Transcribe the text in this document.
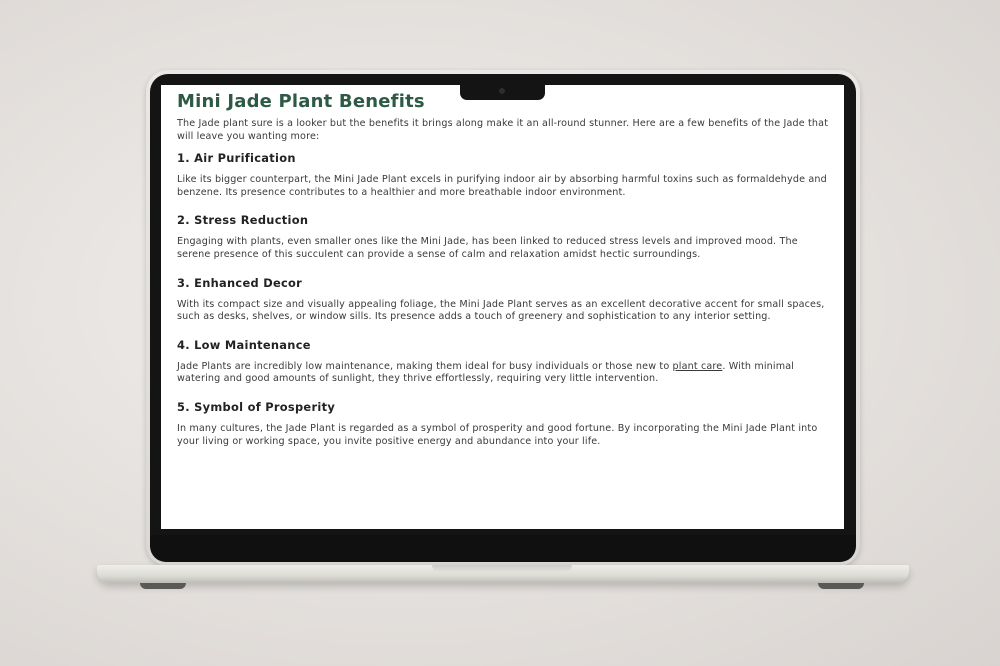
Mini Jade Plant Benefits

The Jade plant sure is a looker but the benefits it brings along make it an all-round stunner. Here are a few benefits of the Jade that will leave you wanting more:

1. Air Purification

Like its bigger counterpart, the Mini Jade Plant excels in purifying indoor air by absorbing harmful toxins such as formaldehyde and benzene. Its presence contributes to a healthier and more breathable indoor environment.

2. Stress Reduction

Engaging with plants, even smaller ones like the Mini Jade, has been linked to reduced stress levels and improved mood. The serene presence of this succulent can provide a sense of calm and relaxation amidst hectic surroundings.

3. Enhanced Decor

With its compact size and visually appealing foliage, the Mini Jade Plant serves as an excellent decorative accent for small spaces, such as desks, shelves, or window sills. Its presence adds a touch of greenery and sophistication to any interior setting.

4. Low Maintenance

Jade Plants are incredibly low maintenance, making them ideal for busy individuals or those new to plant care. With minimal watering and good amounts of sunlight, they thrive effortlessly, requiring very little intervention.

5. Symbol of Prosperity

In many cultures, the Jade Plant is regarded as a symbol of prosperity and good fortune. By incorporating the Mini Jade Plant into your living or working space, you invite positive energy and abundance into your life.
